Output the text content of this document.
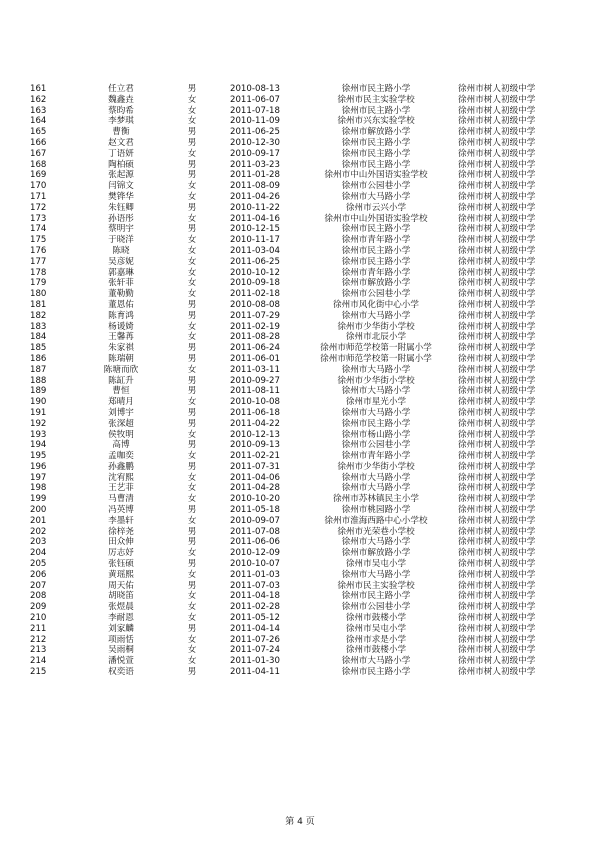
161	任立君	男	2010-08-13	徐州市民主路小学	徐州市树人初级中学
162	魏鑫垚	女	2011-06-07	徐州市民主实验学校	徐州市树人初级中学
163	蔡昀希	女	2011-07-18	徐州市民主路小学	徐州市树人初级中学
164	李梦琪	女	2010-11-09	徐州市兴东实验学校	徐州市树人初级中学
165	曹衡	男	2011-06-25	徐州市解放路小学	徐州市树人初级中学
166	赵文君	男	2010-12-30	徐州市民主路小学	徐州市树人初级中学
167	丁语妍	女	2010-09-17	徐州市民主路小学	徐州市树人初级中学
168	陶柏硕	男	2011-03-23	徐州市民主路小学	徐州市树人初级中学
169	张起源	男	2011-01-28	徐州市中山外国语实验学校	徐州市树人初级中学
170	闫锦文	女	2011-08-09	徐州市公园巷小学	徐州市树人初级中学
171	樊铧华	女	2011-04-26	徐州市大马路小学	徐州市树人初级中学
172	朱钰卿	男	2010-11-22	徐州市云兴小学	徐州市树人初级中学
173	孙语彤	女	2011-04-16	徐州市中山外国语实验学校	徐州市树人初级中学
174	蔡明宇	男	2010-12-15	徐州市民主路小学	徐州市树人初级中学
175	于晓洋	女	2010-11-17	徐州市青年路小学	徐州市树人初级中学
176	陈晓	女	2011-03-04	徐州市民主路小学	徐州市树人初级中学
177	吴彦妮	女	2011-06-25	徐州市民主路小学	徐州市树人初级中学
178	郭嘉琳	女	2010-10-12	徐州市青年路小学	徐州市树人初级中学
179	张轩菲	女	2010-09-18	徐州市解放路小学	徐州市树人初级中学
180	董勒勤	女	2011-02-18	徐州市公园巷小学	徐州市树人初级中学
181	董恩佑	男	2010-08-08	徐州市风化街中心小学	徐州市树人初级中学
182	陈育鸿	男	2011-07-29	徐州市大马路小学	徐州市树人初级中学
183	杨谖婍	女	2011-02-19	徐州市少华街小学校	徐州市树人初级中学
184	王馨苒	女	2011-08-28	徐州市北辰小学	徐州市树人初级中学
185	朱家祺	男	2011-06-24	徐州市师范学校第一附属小学	徐州市树人初级中学
186	陈瑞朝	男	2011-06-01	徐州市师范学校第一附属小学	徐州市树人初级中学
187	陈塘而欣	女	2011-03-11	徐州市大马路小学	徐州市树人初级中学
188	陈缸升	男	2010-09-27	徐州市少华街小学校	徐州市树人初级中学
189	曹恒	男	2011-08-11	徐州市大马路小学	徐州市树人初级中学
190	郑晴月	女	2010-10-08	徐州市星光小学	徐州市树人初级中学
191	刘博宇	男	2011-06-18	徐州市大马路小学	徐州市树人初级中学
192	张深超	男	2011-04-22	徐州市民主路小学	徐州市树人初级中学
193	侯牧明	女	2010-12-13	徐州市杨山路小学	徐州市树人初级中学
194	高博	男	2010-09-13	徐州市公园巷小学	徐州市树人初级中学
195	孟咖奕	女	2011-02-21	徐州市青年路小学	徐州市树人初级中学
196	孙鑫鹏	男	2011-07-31	徐州市少华街小学校	徐州市树人初级中学
197	沈宥熙	女	2011-04-06	徐州市大马路小学	徐州市树人初级中学
198	王艺菲	女	2011-04-28	徐州市大马路小学	徐州市树人初级中学
199	马曹清	女	2010-10-20	徐州市苏林镇民主小学	徐州市树人初级中学
200	冯英博	男	2011-05-18	徐州市桃园路小学	徐州市树人初级中学
201	李墨轩	女	2010-09-07	徐州市淮海西路中心小学校	徐州市树人初级中学
202	徐梓尧	男	2011-07-08	徐州市光荣巷小学校	徐州市树人初级中学
203	田众伸	男	2011-06-06	徐州市大马路小学	徐州市树人初级中学
204	厉志妤	女	2010-12-09	徐州市解放路小学	徐州市树人初级中学
205	张钰硕	男	2010-10-07	徐州市吴屯小学	徐州市树人初级中学
206	黄瑶熙	女	2011-01-03	徐州市大马路小学	徐州市树人初级中学
207	周天佑	男	2011-07-03	徐州市民主实验学校	徐州市树人初级中学
208	胡晓笛	女	2011-04-18	徐州市民主路小学	徐州市树人初级中学
209	张煜晨	女	2011-02-28	徐州市公园巷小学	徐州市树人初级中学
210	李耐恩	女	2011-05-12	徐州市鼓楼小学	徐州市树人初级中学
211	刘家麟	男	2011-04-14	徐州市吴屯小学	徐州市树人初级中学
212	项雨恬	女	2011-07-26	徐州市求是小学	徐州市树人初级中学
213	吴雨桐	女	2011-07-24	徐州市鼓楼小学	徐州市树人初级中学
214	潘悦萱	女	2011-01-30	徐州市大马路小学	徐州市树人初级中学
215	权奕语	男	2011-04-11	徐州市民主路小学	徐州市树人初级中学
第 4 页
